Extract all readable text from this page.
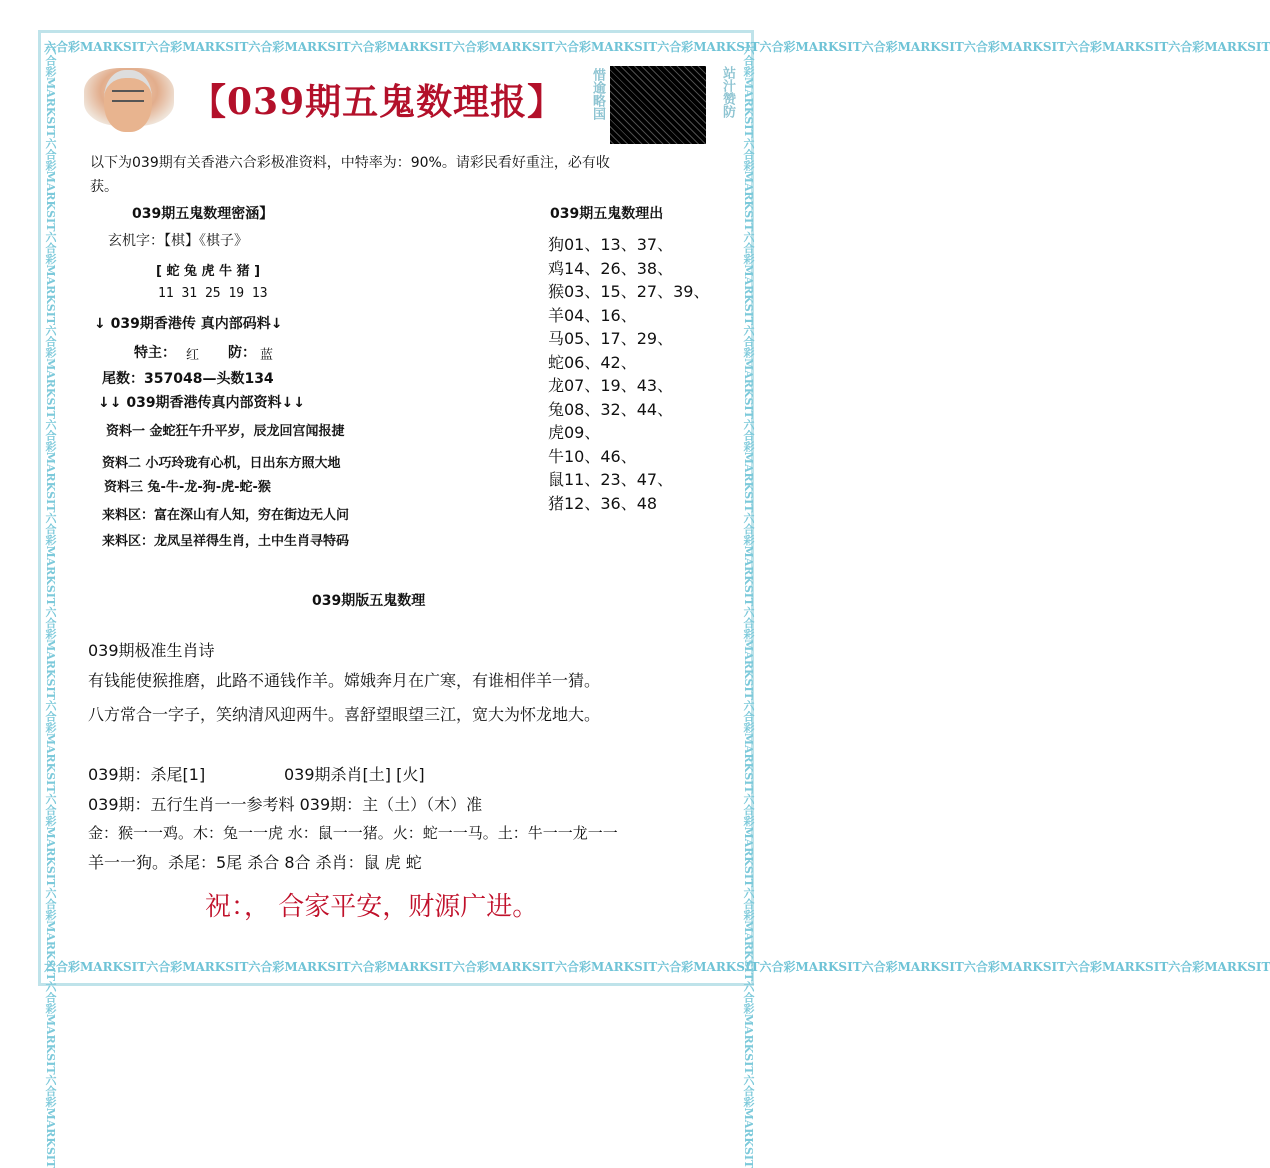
六合彩MARKSIT六合彩MARKSIT六合彩MARKSIT六合彩MARKSIT六合彩MARKSIT六合彩MARKSIT六合彩MARKSIT六合彩MARKSIT六合彩MARKSIT六合彩MARKSIT六合彩MARKSIT六合彩MARKSIT
六合彩MARKSIT六合彩MARKSIT六合彩MARKSIT六合彩MARKSIT六合彩MARKSIT六合彩MARKSIT六合彩MARKSIT六合彩MARKSIT六合彩MARKSIT六合彩MARKSIT六合彩MARKSIT六合彩MARKSIT
六合彩MARKSIT六合彩MARKSIT六合彩MARKSIT六合彩MARKSIT六合彩MARKSIT六合彩MARKSIT六合彩MARKSIT六合彩MARKSIT六合彩MARKSIT六合彩MARKSIT六合彩MARKSIT六合彩MARKSIT	六合彩MARKSIT六合彩MARKSIT六合彩MARKSIT六合彩MARKSIT六合彩MARKSIT六合彩MARKSIT六合彩MARKSIT六合彩MARKSIT六合彩MARKSIT六合彩MARKSIT六合彩MARKSIT六合彩MARKSIT
【039期五鬼数理报】 惜逾略国	站汁赞防
以下为039期有关香港六合彩极准资料，中特率为：90%。请彩民看好重注，必有收
获。
039期五鬼数理密涵】
玄机字：【棋】《棋子》
[ 蛇 兔 虎 牛 猪 ]
11 31 25 19 13
↓ 039期香港传 真内部码料↓
特主： 红 防： 蓝
尾数：357048—头数134
↓↓ 039期香港传真内部资料↓↓
资料一 金蛇狂午升平岁，辰龙回宫闻报捷
资料二 小巧玲珑有心机，日出东方照大地
资料三 兔-牛-龙-狗-虎-蛇-猴
来料区：富在深山有人知，穷在街边无人问
来料区：龙凤呈祥得生肖，土中生肖寻特码
039期五鬼数理出
狗01、13、37、
鸡14、26、38、
猴03、15、27、39、
羊04、16、
马05、17、29、
蛇06、42、
龙07、19、43、
兔08、32、44、
虎09、
牛10、46、
鼠11、23、47、
猪12、36、48
039期版五鬼数理
039期极准生肖诗
有钱能使猴推磨，此路不通钱作羊。嫦娥奔月在广寒，有谁相伴羊一猜。
八方常合一字子，笑纳清风迎两牛。喜舒望眼望三江，宽大为怀龙地大。
039期：杀尾[1]	039期杀肖[土] [火]
039期：五行生肖一一参考料 039期：主（土）（木）准
金：猴一一鸡。木：兔一一虎 水：鼠一一猪。火：蛇一一马。土：牛一一龙一一
羊一一狗。杀尾：5尾 杀合 8合 杀肖：鼠 虎 蛇
祝：， 合家平安，财源广进。
